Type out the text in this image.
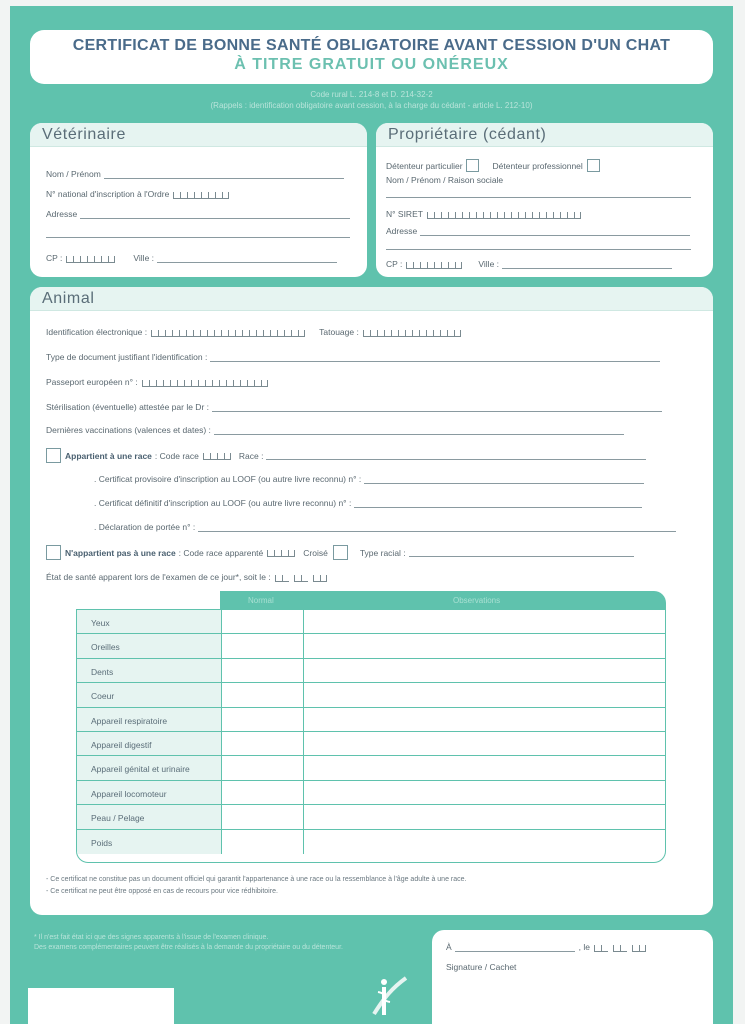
CERTIFICAT DE BONNE SANTÉ OBLIGATOIRE AVANT CESSION D'UN CHAT
À TITRE GRATUIT OU ONÉREUX
Code rural L. 214-8 et D. 214-32-2
(Rappels : identification obligatoire avant cession, à la charge du cédant - article L. 212-10)
Vétérinaire
Nom / Prénom
N° national d'inscription à l'Ordre
Adresse
CP :	Ville :
Propriétaire (cédant)
Détenteur particulier	Détenteur professionnel
Nom / Prénom / Raison sociale
N° SIRET
Adresse
CP :	Ville :
Animal
Identification électronique :	Tatouage :
Type de document justifiant l'identification :
Passeport européen n° :
Stérilisation (éventuelle) attestée par le Dr :
Dernières vaccinations (valences et dates) :
Appartient à une race : Code race	Race :
. Certificat provisoire d'inscription au LOOF (ou autre livre reconnu) n° :
. Certificat définitif d'inscription au LOOF (ou autre livre reconnu) n° :
. Déclaration de portée n° :
N'appartient pas à une race : Code race apparenté	Croisé	Type racial :
État de santé apparent lors de l'examen de ce jour*, soit le :
Normal	Observations
Yeux
Oreilles
Dents
Coeur
Appareil respiratoire
Appareil digestif
Appareil génital et urinaire
Appareil locomoteur
Peau / Pelage
Poids
- Ce certificat ne constitue pas un document officiel qui garantit l'appartenance à une race ou la ressemblance à l'âge adulte à une race.
- Ce certificat ne peut être opposé en cas de recours pour vice rédhibitoire.
* Il n'est fait état ici que des signes apparents à l'issue de l'examen clinique.
Des examens complémentaires peuvent être réalisés à la demande du propriétaire ou du détenteur.	À	, le
Signature / Cachet
